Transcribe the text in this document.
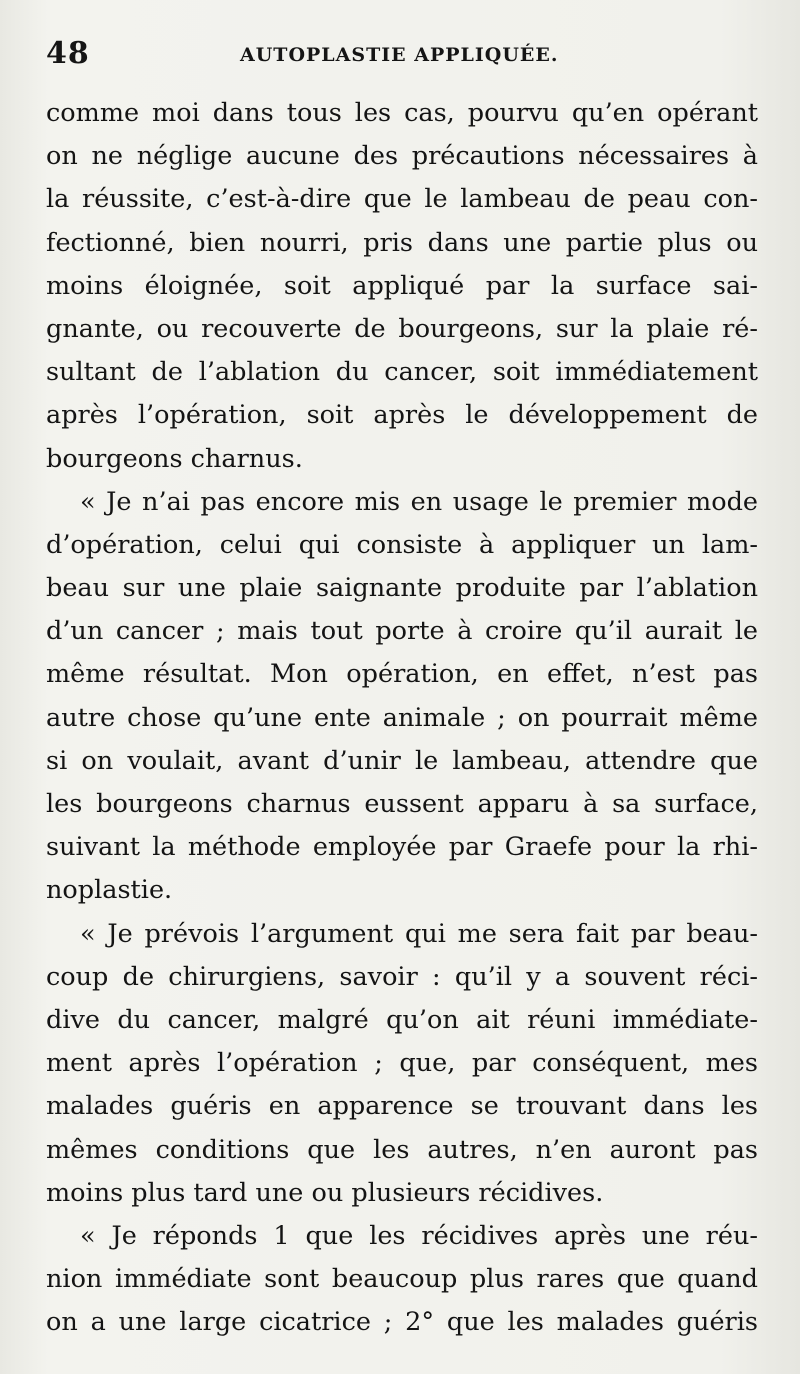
48	AUTOPLASTIE APPLIQUÉE.
comme moi dans tous les cas, pourvu qu’en opérant
on ne néglige aucune des précautions nécessaires à
la réussite, c’est-à-dire que le lambeau de peau con-
fectionné, bien nourri, pris dans une partie plus ou
moins éloignée, soit appliqué par la surface sai-
gnante, ou recouverte de bourgeons, sur la plaie ré-
sultant de l’ablation du cancer, soit immédiatement
après l’opération, soit après le développement de
bourgeons charnus.
« Je n’ai pas encore mis en usage le premier mode
d’opération, celui qui consiste à appliquer un lam-
beau sur une plaie saignante produite par l’ablation
d’un cancer ; mais tout porte à croire qu’il aurait le
même résultat. Mon opération, en effet, n’est pas
autre chose qu’une ente animale ; on pourrait même
si on voulait, avant d’unir le lambeau, attendre que
les bourgeons charnus eussent apparu à sa surface,
suivant la méthode employée par Graefe pour la rhi-
noplastie.
« Je prévois l’argument qui me sera fait par beau-
coup de chirurgiens, savoir : qu’il y a souvent réci-
dive du cancer, malgré qu’on ait réuni immédiate-
ment après l’opération ; que, par conséquent, mes
malades guéris en apparence se trouvant dans les
mêmes conditions que les autres, n’en auront pas
moins plus tard une ou plusieurs récidives.
« Je réponds 1 que les récidives après une réu-
nion immédiate sont beaucoup plus rares que quand
on a une large cicatrice ; 2° que les malades guéris
